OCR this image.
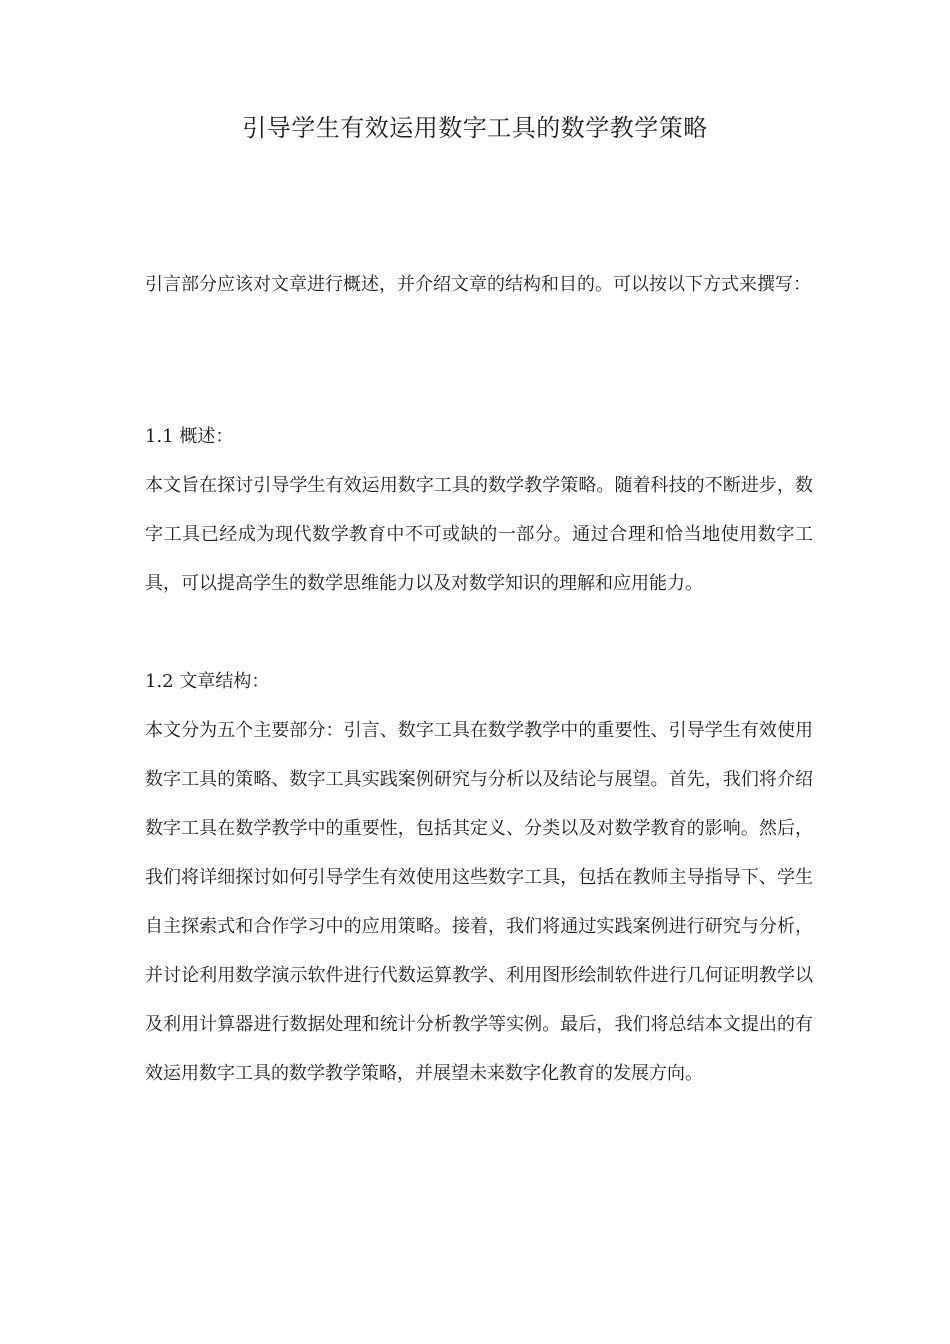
引导学生有效运用数字工具的数学教学策略

引言部分应该对文章进行概述，并介绍文章的结构和目的。可以按以下方式来撰写：

1.1 概述：

本文旨在探讨引导学生有效运用数字工具的数学教学策略。随着科技的不断进步，数字工具已经成为现代数学教育中不可或缺的一部分。通过合理和恰当地使用数字工具，可以提高学生的数学思维能力以及对数学知识的理解和应用能力。

1.2 文章结构：

本文分为五个主要部分：引言、数字工具在数学教学中的重要性、引导学生有效使用数字工具的策略、数字工具实践案例研究与分析以及结论与展望。首先，我们将介绍数字工具在数学教学中的重要性，包括其定义、分类以及对数学教育的影响。然后，我们将详细探讨如何引导学生有效使用这些数字工具，包括在教师主导指导下、学生自主探索式和合作学习中的应用策略。接着，我们将通过实践案例进行研究与分析，并讨论利用数学演示软件进行代数运算教学、利用图形绘制软件进行几何证明教学以及利用计算器进行数据处理和统计分析教学等实例。最后，我们将总结本文提出的有效运用数字工具的数学教学策略，并展望未来数字化教育的发展方向。
